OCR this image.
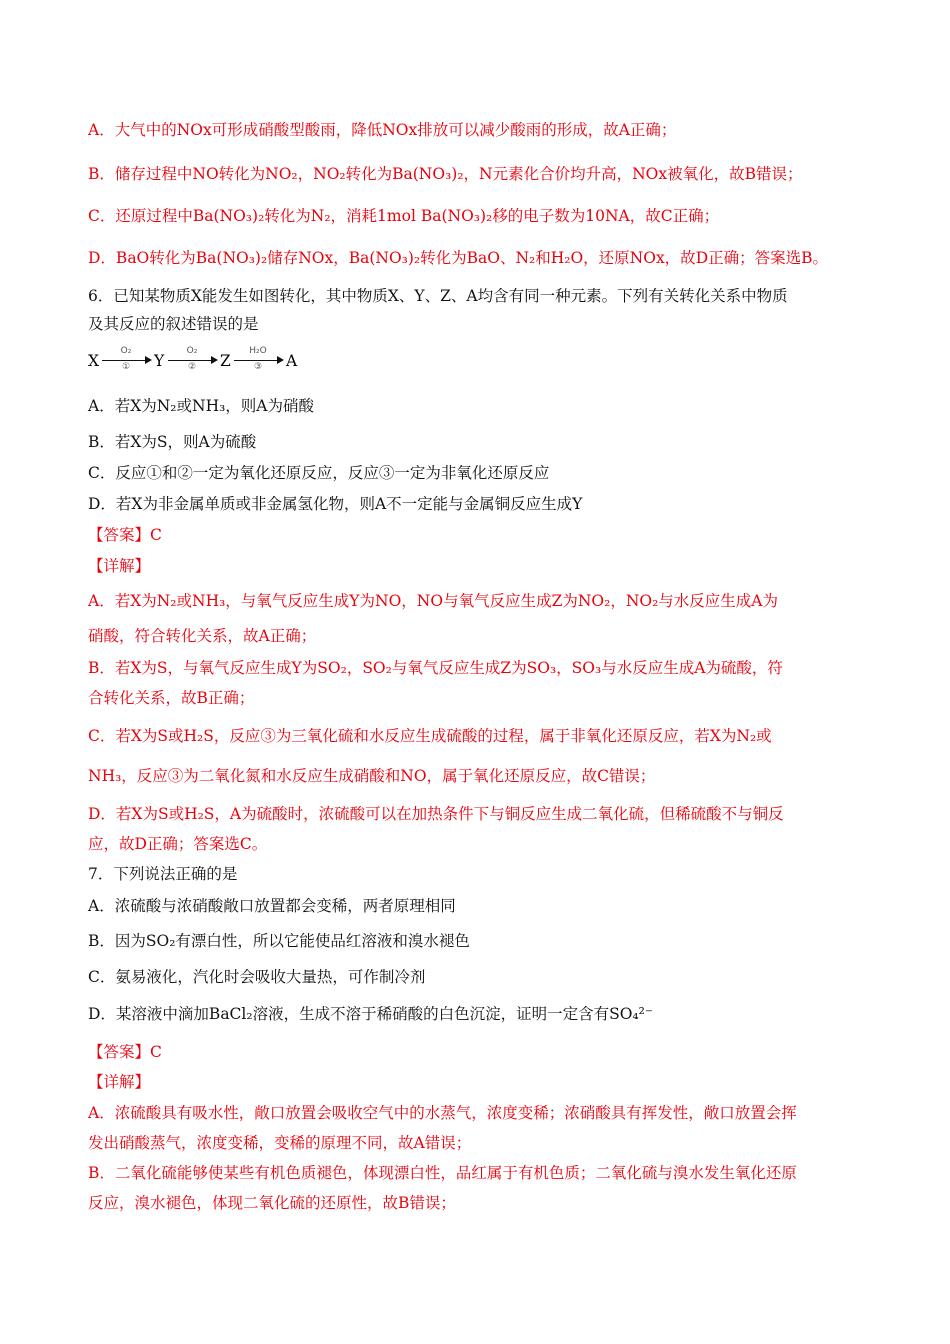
A．大气中的NOx可形成硝酸型酸雨，降低NOx排放可以减少酸雨的形成，故A正确；
B．储存过程中NO转化为NO₂，NO₂转化为Ba(NO₃)₂，N元素化合价均升高，NOx被氧化，故B错误；
C．还原过程中Ba(NO₃)₂转化为N₂，消耗1mol Ba(NO₃)₂移的电子数为10NA，故C正确；
D．BaO转化为Ba(NO₃)₂储存NOx，Ba(NO₃)₂转化为BaO、N₂和H₂O，还原NOx，故D正确；答案选B。
6．已知某物质X能发生如图转化，其中物质X、Y、Z、A均含有同一种元素。下列有关转化关系中物质
及其反应的叙述错误的是
X
O₂
①	Y
O₂
②	Z
H₂O
③	A
A．若X为N₂或NH₃，则A为硝酸
B．若X为S，则A为硫酸
C．反应①和②一定为氧化还原反应，反应③一定为非氧化还原反应
D．若X为非金属单质或非金属氢化物，则A不一定能与金属铜反应生成Y
【答案】C
【详解】
A．若X为N₂或NH₃，与氧气反应生成Y为NO，NO与氧气反应生成Z为NO₂，NO₂与水反应生成A为
硝酸，符合转化关系，故A正确；
B．若X为S，与氧气反应生成Y为SO₂，SO₂与氧气反应生成Z为SO₃，SO₃与水反应生成A为硫酸，符
合转化关系，故B正确；
C．若X为S或H₂S，反应③为三氧化硫和水反应生成硫酸的过程，属于非氧化还原反应，若X为N₂或
NH₃，反应③为二氧化氮和水反应生成硝酸和NO，属于氧化还原反应，故C错误；
D．若X为S或H₂S，A为硫酸时，浓硫酸可以在加热条件下与铜反应生成二氧化硫，但稀硫酸不与铜反
应，故D正确；答案选C。
7．下列说法正确的是
A．浓硫酸与浓硝酸敞口放置都会变稀，两者原理相同
B．因为SO₂有漂白性，所以它能使品红溶液和溴水褪色
C．氨易液化，汽化时会吸收大量热，可作制冷剂
D．某溶液中滴加BaCl₂溶液，生成不溶于稀硝酸的白色沉淀，证明一定含有SO₄²⁻
【答案】C
【详解】
A．浓硫酸具有吸水性，敞口放置会吸收空气中的水蒸气，浓度变稀；浓硝酸具有挥发性，敞口放置会挥
发出硝酸蒸气，浓度变稀，变稀的原理不同，故A错误；
B．二氧化硫能够使某些有机色质褪色，体现漂白性，品红属于有机色质；二氧化硫与溴水发生氧化还原
反应，溴水褪色，体现二氧化硫的还原性，故B错误；
